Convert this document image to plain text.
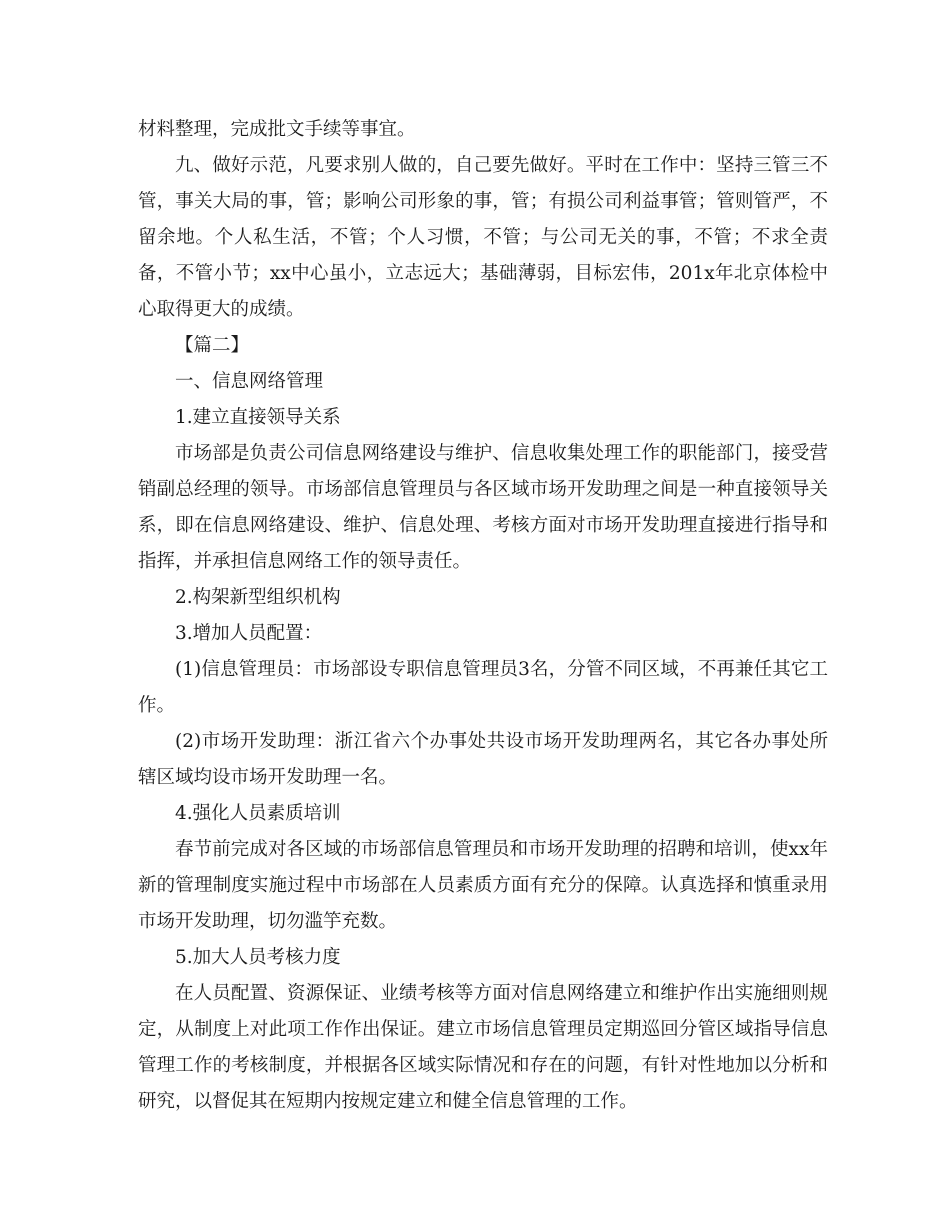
材料整理，完成批文手续等事宜。

九、做好示范，凡要求别人做的，自己要先做好。平时在工作中：坚持三管三不管，事关大局的事，管；影响公司形象的事，管；有损公司利益事管；管则管严，不留余地。个人私生活，不管；个人习惯，不管；与公司无关的事，不管；不求全责备，不管小节；xx中心虽小，立志远大；基础薄弱，目标宏伟，201x年北京体检中心取得更大的成绩。

【篇二】

一、信息网络管理

1.建立直接领导关系

市场部是负责公司信息网络建设与维护、信息收集处理工作的职能部门，接受营销副总经理的领导。市场部信息管理员与各区域市场开发助理之间是一种直接领导关系，即在信息网络建设、维护、信息处理、考核方面对市场开发助理直接进行指导和指挥，并承担信息网络工作的领导责任。

2.构架新型组织机构

3.增加人员配置：

(1)信息管理员：市场部设专职信息管理员3名，分管不同区域，不再兼任其它工作。

(2)市场开发助理：浙江省六个办事处共设市场开发助理两名，其它各办事处所辖区域均设市场开发助理一名。

4.强化人员素质培训

春节前完成对各区域的市场部信息管理员和市场开发助理的招聘和培训，使xx年新的管理制度实施过程中市场部在人员素质方面有充分的保障。认真选择和慎重录用市场开发助理，切勿滥竽充数。

5.加大人员考核力度

在人员配置、资源保证、业绩考核等方面对信息网络建立和维护作出实施细则规定，从制度上对此项工作作出保证。建立市场信息管理员定期巡回分管区域指导信息管理工作的考核制度，并根据各区域实际情况和存在的问题，有针对性地加以分析和研究，以督促其在短期内按规定建立和健全信息管理的工作。
